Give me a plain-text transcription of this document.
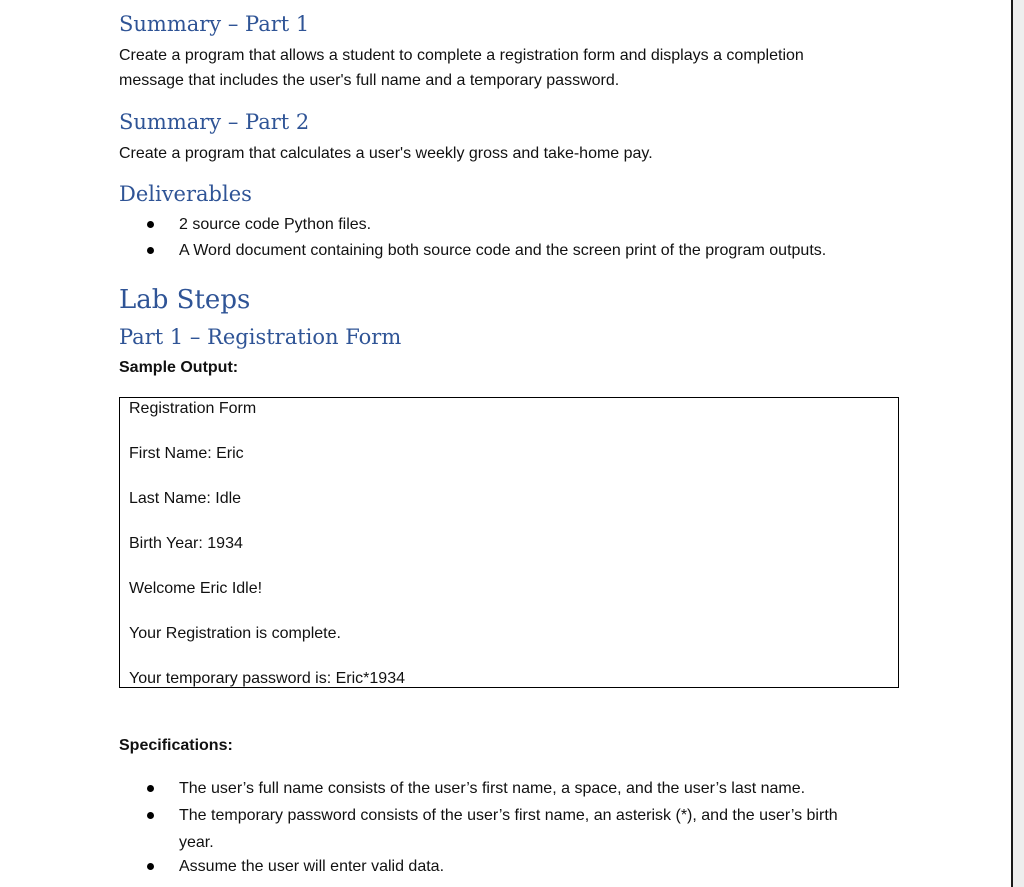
Summary – Part 1

Create a program that allows a student to complete a registration form and displays a completion

message that includes the user's full name and a temporary password.

Summary – Part 2

Create a program that calculates a user's weekly gross and take-home pay.

Deliverables
2 source code Python files.
A Word document containing both source code and the screen print of the program outputs.
Lab Steps
Part 1 – Registration Form

Sample Output:

Registration Form

First Name: Eric

Last Name: Idle

Birth Year: 1934

Welcome Eric Idle!

Your Registration is complete.

Your temporary password is: Eric*1934

Specifications:

The user’s full name consists of the user’s first name, a space, and the user’s last name.
The temporary password consists of the user’s first name, an asterisk (*), and the user’s birth
year.
Assume the user will enter valid data.
